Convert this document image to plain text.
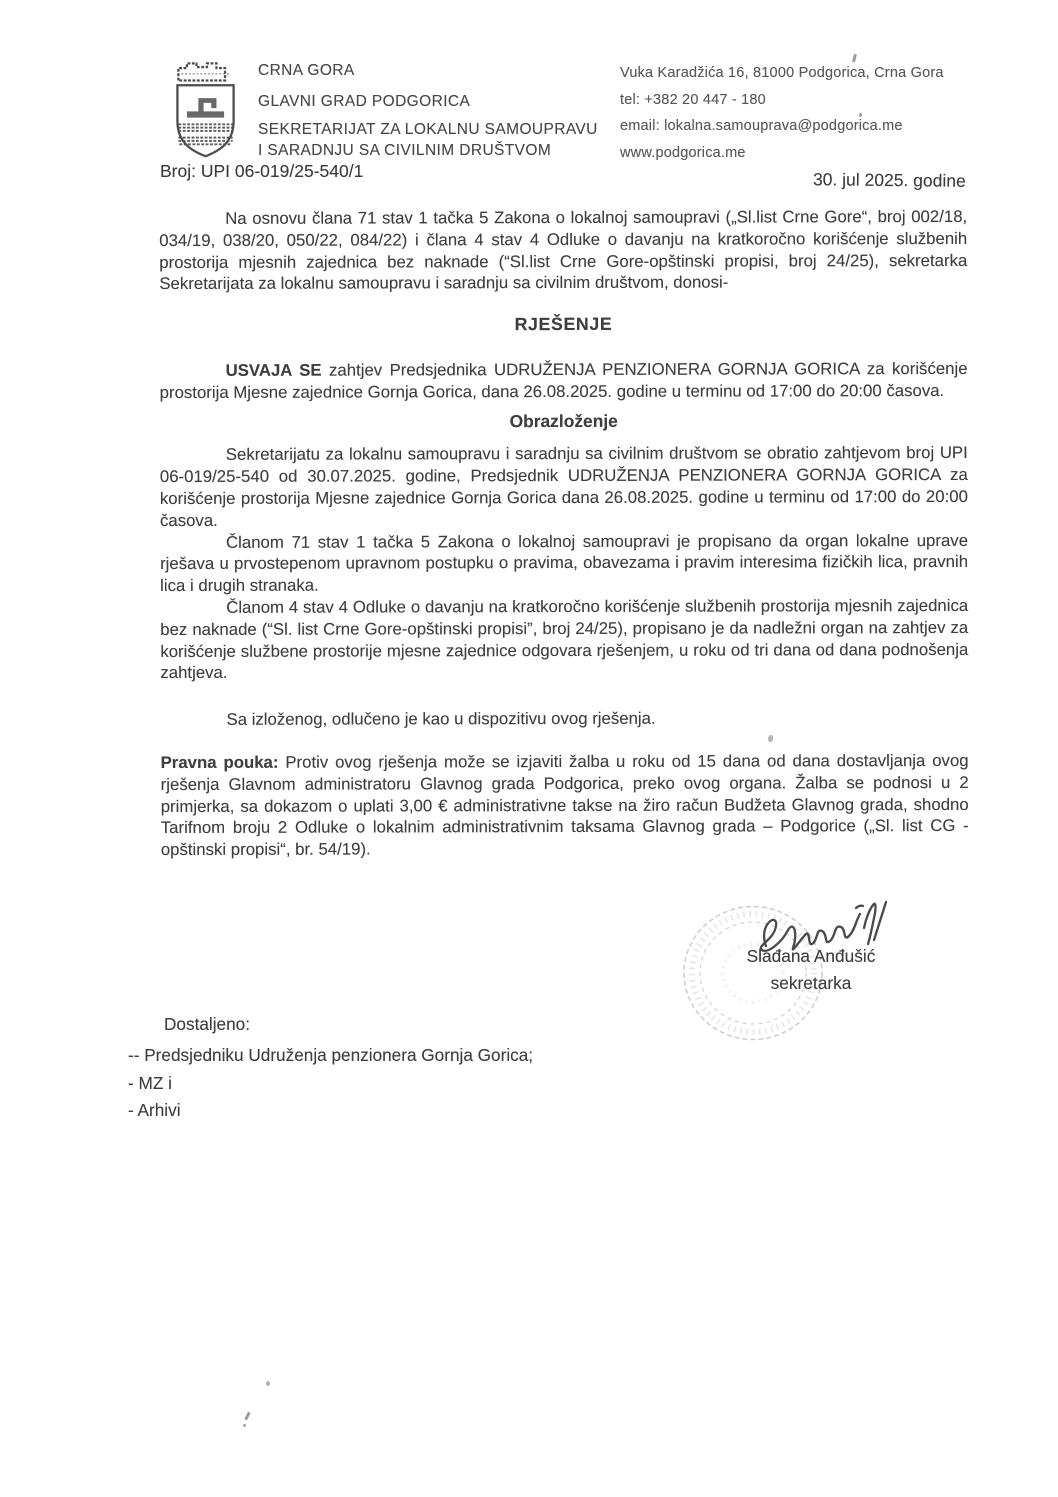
CRNA GORA
GLAVNI GRAD PODGORICA
SEKRETARIJAT ZA LOKALNU SAMOUPRAVU
I SARADNJU SA CIVILNIM DRUŠTVOM
Vuka Karadžića 16, 81000 Podgorica, Crna Gora
tel: +382 20 447 - 180
email: lokalna.samouprava@podgorica.me
www.podgorica.me
Broj: UPI 06-019/25-540/1	30. jul 2025. godine

Na osnovu člana 71 stav 1 tačka 5 Zakona o lokalnoj samoupravi („Sl.list Crne Gore“, broj 002/18, 034/19, 038/20, 050/22, 084/22) i člana 4 stav 4 Odluke o davanju na kratkoročno korišćenje službenih prostorija mjesnih zajednica bez naknade (“Sl.list Crne Gore-opštinski propisi, broj 24/25), sekretarka Sekretarijata za lokalnu samoupravu i saradnju sa civilnim društvom, donosi-

RJEŠENJE

USVAJA SE zahtjev Predsjednika UDRUŽENJA PENZIONERA GORNJA GORICA za korišćenje prostorija Mjesne zajednice Gornja Gorica, dana 26.08.2025. godine u terminu od 17:00 do 20:00 časova.

Obrazloženje

Sekretarijatu za lokalnu samoupravu i saradnju sa civilnim društvom se obratio zahtjevom broj UPI 06-019/25-540 od 30.07.2025. godine, Predsjednik UDRUŽENJA PENZIONERA GORNJA GORICA za korišćenje prostorija Mjesne zajednice Gornja Gorica dana 26.08.2025. godine u terminu od 17:00 do 20:00 časova.

Članom 71 stav 1 tačka 5 Zakona o lokalnoj samoupravi je propisano da organ lokalne uprave rješava u prvostepenom upravnom postupku o pravima, obavezama i pravim interesima fizičkih lica, pravnih lica i drugih stranaka.

Članom 4 stav 4 Odluke o davanju na kratkoročno korišćenje službenih prostorija mjesnih zajednica bez naknade (“Sl. list Crne Gore-opštinski propisi”, broj 24/25), propisano je da nadležni organ na zahtjev za korišćenje službene prostorije mjesne zajednice odgovara rješenjem, u roku od tri dana od dana podnošenja zahtjeva.

Sa izloženog, odlučeno je kao u dispozitivu ovog rješenja.

Pravna pouka: Protiv ovog rješenja može se izjaviti žalba u roku od 15 dana od dana dostavljanja ovog rješenja Glavnom administratoru Glavnog grada Podgorica, preko ovog organa. Žalba se podnosi u 2 primjerka, sa dokazom o uplati 3,00 € administrativne takse na žiro račun Budžeta Glavnog grada, shodno Tarifnom broju 2 Odluke o lokalnim administrativnim taksama Glavnog grada – Podgorice („Sl. list CG - opštinski propisi“, br. 54/19).

Slađana Anđušić
sekretarka
Dostaljeno:
-- Predsjedniku Udruženja penzionera Gornja Gorica;
- MZ i
- Arhivi
